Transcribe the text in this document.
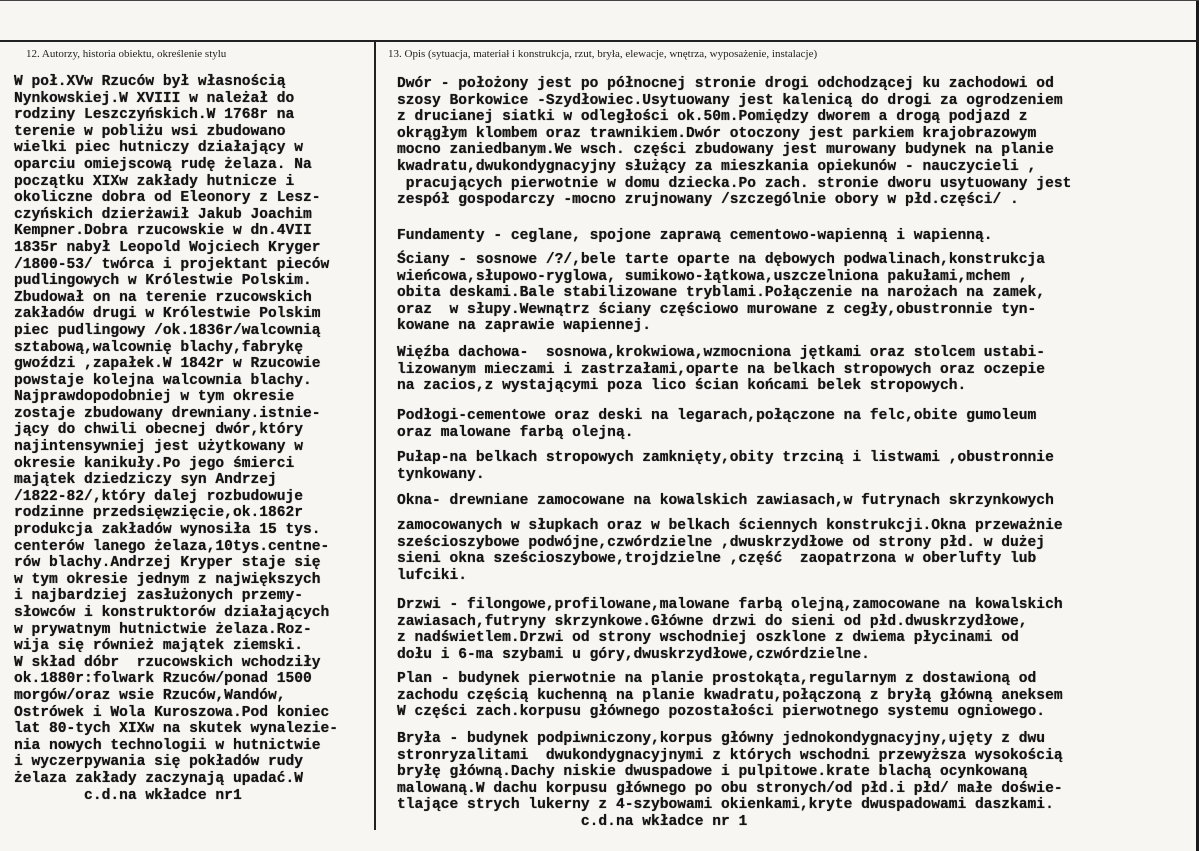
12. Autorzy, historia obiektu, określenie stylu	13. Opis (sytuacja, materiał i konstrukcja, rzut, bryła, elewacje, wnętrza, wyposażenie, instalacje)
W poł.XVw Rzuców był własnością
Nynkowskiej.W XVIII w należał do
rodziny Leszczyńskich.W 1768r na
terenie w pobliżu wsi zbudowano
wielki piec hutniczy działający w
oparciu omiejscową rudę żelaza. Na
początku XIXw zakłady hutnicze i
okoliczne dobra od Eleonory z Lesz-
czyńskich dzierżawił Jakub Joachim
Kempner.Dobra rzucowskie w dn.4VII
1835r nabył Leopold Wojciech Kryger
/1800-53/ twórca i projektant pieców
pudlingowych w Królestwie Polskim.
Zbudował on na terenie rzucowskich
zakładów drugi w Królestwie Polskim
piec pudlingowy /ok.1836r/walcownią
sztabową,walcownię blachy,fabrykę
gwoździ ,zapałek.W 1842r w Rzucowie
powstaje kolejna walcownia blachy.
Najprawdopodobniej w tym okresie
zostaje zbudowany drewniany.istnie-
jący do chwili obecnej dwór,który
najintensywniej jest użytkowany w
okresie kanikuły.Po jego śmierci
majątek dziedziczy syn Andrzej
/1822-82/,który dalej rozbudowuje
rodzinne przedsięwzięcie,ok.1862r
produkcja zakładów wynosiła 15 tys.
centerów lanego żelaza,10tys.centne-
rów blachy.Andrzej Kryper staje się
w tym okresie jednym z największych
i najbardziej zasłużonych przemy-
słowców i konstruktorów działających
w prywatnym hutnictwie żelaza.Roz-
wija się również majątek ziemski.
W skład dóbr  rzucowskich wchodziły
ok.1880r:folwark Rzuców/ponad 1500
morgów/oraz wsie Rzuców,Wandów,
Ostrówek i Wola Kuroszowa.Pod koniec
lat 80-tych XIXw na skutek wynalezie-
nia nowych technologii w hutnictwie
i wyczerpywania się pokładów rudy
żelaza zakłady zaczynają upadać.W
c.d.na wkładce nr1
Dwór - położony jest po północnej stronie drogi odchodzącej ku zachodowi od
szosy Borkowice -Szydłowiec.Usytuowany jest kalenicą do drogi za ogrodzeniem
z drucianej siatki w odległości ok.50m.Pomiędzy dworem a drogą podjazd z
okrągłym klombem oraz trawnikiem.Dwór otoczony jest parkiem krajobrazowym
mocno zaniedbanym.We wsch. części zbudowany jest murowany budynek na planie
kwadratu,dwukondygnacyjny służący za mieszkania opiekunów - nauczycieli ,
pracujących pierwotnie w domu dziecka.Po zach. stronie dworu usytuowany jest
zespół gospodarczy -mocno zrujnowany /szczególnie obory w płd.części/ .
Fundamenty - ceglane, spojone zaprawą cementowo-wapienną i wapienną.
Ściany - sosnowe /?/,bele tarte oparte na dębowych podwalinach,konstrukcja
wieńcowa,słupowo-ryglowa, sumikowo-łątkowa,uszczelniona pakułami,mchem ,
obita deskami.Bale stabilizowane tryblami.Połączenie na narożach na zamek,
oraz  w słupy.Wewnątrz ściany częściowo murowane z cegły,obustronnie tyn-
kowane na zaprawie wapiennej.
Więźba dachowa-  sosnowa,krokwiowa,wzmocniona jętkami oraz stolcem ustabi-
lizowanym mieczami i zastrzałami,oparte na belkach stropowych oraz oczepie
na zacios,z wystającymi poza lico ścian końcami belek stropowych.
Podłogi-cementowe oraz deski na legarach,połączone na felc,obite gumoleum
oraz malowane farbą olejną.
Pułap-na belkach stropowych zamknięty,obity trzciną i listwami ,obustronnie
tynkowany.
Okna- drewniane zamocowane na kowalskich zawiasach,w futrynach skrzynkowych
zamocowanych w słupkach oraz w belkach ściennych konstrukcji.Okna przeważnie
sześcioszybowe podwójne,czwórdzielne ,dwuskrzydłowe od strony płd. w dużej
sieni okna sześcioszybowe,trojdzielne ,część  zaopatrzona w oberlufty lub
lufciki.
Drzwi - filongowe,profilowane,malowane farbą olejną,zamocowane na kowalskich
zawiasach,futryny skrzynkowe.Główne drzwi do sieni od płd.dwuskrzydłowe,
z nadświetlem.Drzwi od strony wschodniej oszklone z dwiema płycinami od
dołu i 6-ma szybami u góry,dwuskrzydłowe,czwórdzielne.
Plan - budynek pierwotnie na planie prostokąta,regularnym z dostawioną od
zachodu częścią kuchenną na planie kwadratu,połączoną z bryłą główną aneksem
W części zach.korpusu głównego pozostałości pierwotnego systemu ogniowego.
Bryła - budynek podpiwniczony,korpus główny jednokondygnacyjny,ujęty z dwu
stronryzalitami  dwukondygnacyjnymi z których wschodni przewyższa wysokością
bryłę główną.Dachy niskie dwuspadowe i pulpitowe.krate blachą ocynkowaną
malowaną.W dachu korpusu głównego po obu stronych/od płd.i płd/ małe doświe-
tlające strych lukerny z 4-szybowami okienkami,kryte dwuspadowami daszkami.
c.d.na wkładce nr 1
